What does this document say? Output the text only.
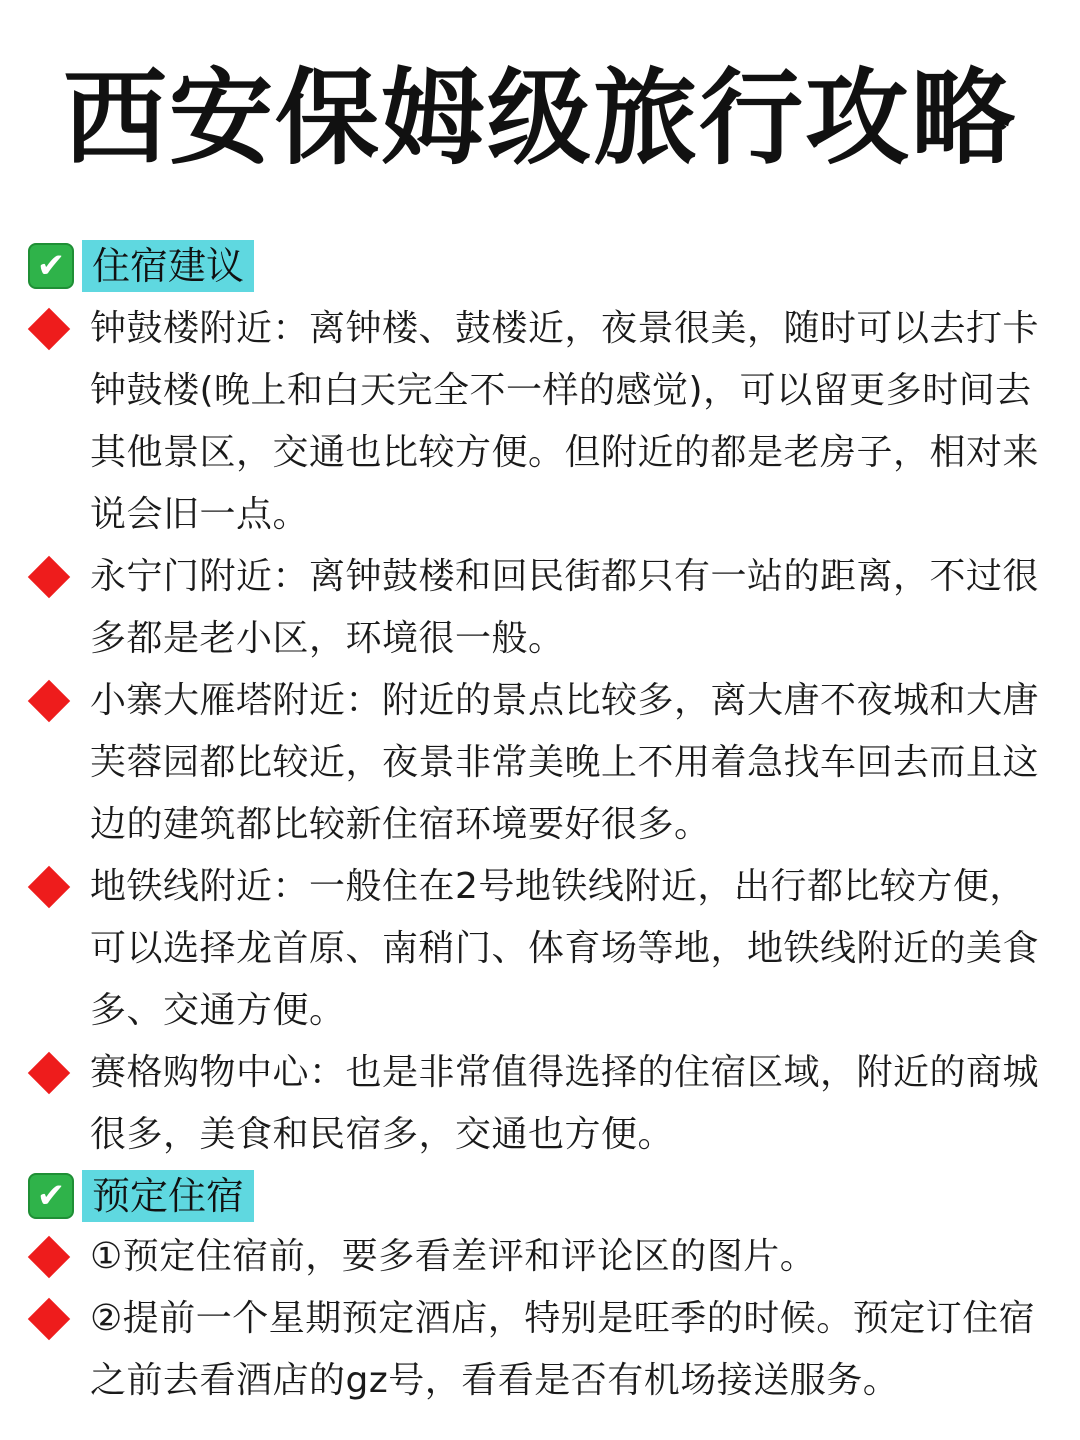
西安保姆级旅行攻略
✔ 住宿建议
钟鼓楼附近：离钟楼、鼓楼近，夜景很美，随时可以去打卡钟鼓楼(晚上和白天完全不一样的感觉)，可以留更多时间去其他景区，交通也比较方便。但附近的都是老房子，相对来说会旧一点。
永宁门附近：离钟鼓楼和回民街都只有一站的距离，不过很多都是老小区，环境很一般。
小寨大雁塔附近：附近的景点比较多，离大唐不夜城和大唐芙蓉园都比较近，夜景非常美晚上不用着急找车回去而且这边的建筑都比较新住宿环境要好很多。
地铁线附近：一般住在2号地铁线附近，出行都比较方便，可以选择龙首原、南稍门、体育场等地，地铁线附近的美食多、交通方便。
赛格购物中心：也是非常值得选择的住宿区域，附近的商城很多，美食和民宿多，交通也方便。
✔ 预定住宿
①预定住宿前，要多看差评和评论区的图片。
②提前一个星期预定酒店，特别是旺季的时候。预定订住宿之前去看酒店的gz号，看看是否有机场接送服务。
